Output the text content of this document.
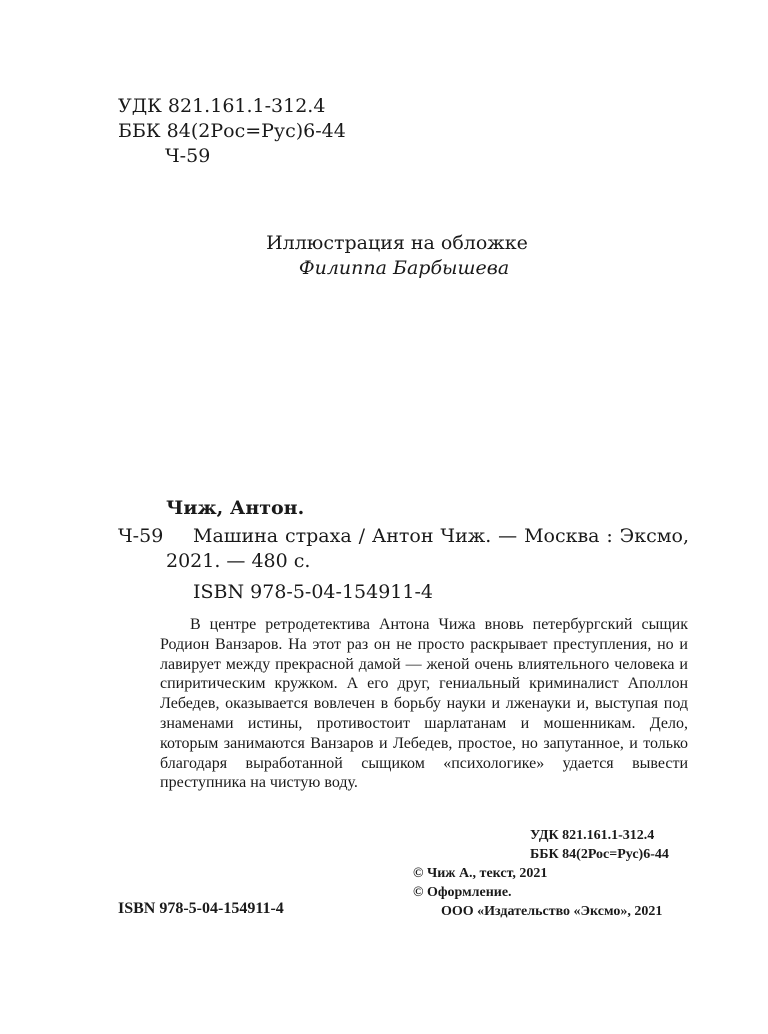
УДК 821.161.1-312.4
ББК 84(2Рос=Рус)6-44
Ч-59
Иллюстрация на обложке
Филиппа Барбышева
Чиж, Антон.
Ч-59 Машина страха / Антон Чиж. — Москва : Эксмо,
2021. — 480 с.
ISBN 978-5-04-154911-4
В центре ретродетектива Антона Чижа вновь петербургский сыщик Родион Ванзаров. На этот раз он не просто раскрывает преступления, но и лавирует между прекрасной дамой — женой очень влиятельного человека и спиритическим кружком. А его друг, гениальный криминалист Аполлон Лебедев, оказывается вовлечен в борьбу науки и лженауки и, выступая под знаменами истины, противостоит шарлатанам и мошенникам. Дело, которым занимаются Ванзаров и Лебедев, простое, но запутанное, и только благодаря выработанной сыщиком «психологике» удается вывести преступника на чистую воду.
УДК 821.161.1-312.4
ББК 84(2Рос=Рус)6-44
ISBN 978-5-04-154911-4
© Чиж А., текст, 2021
© Оформление.
ООО «Издательство «Эксмо», 2021
